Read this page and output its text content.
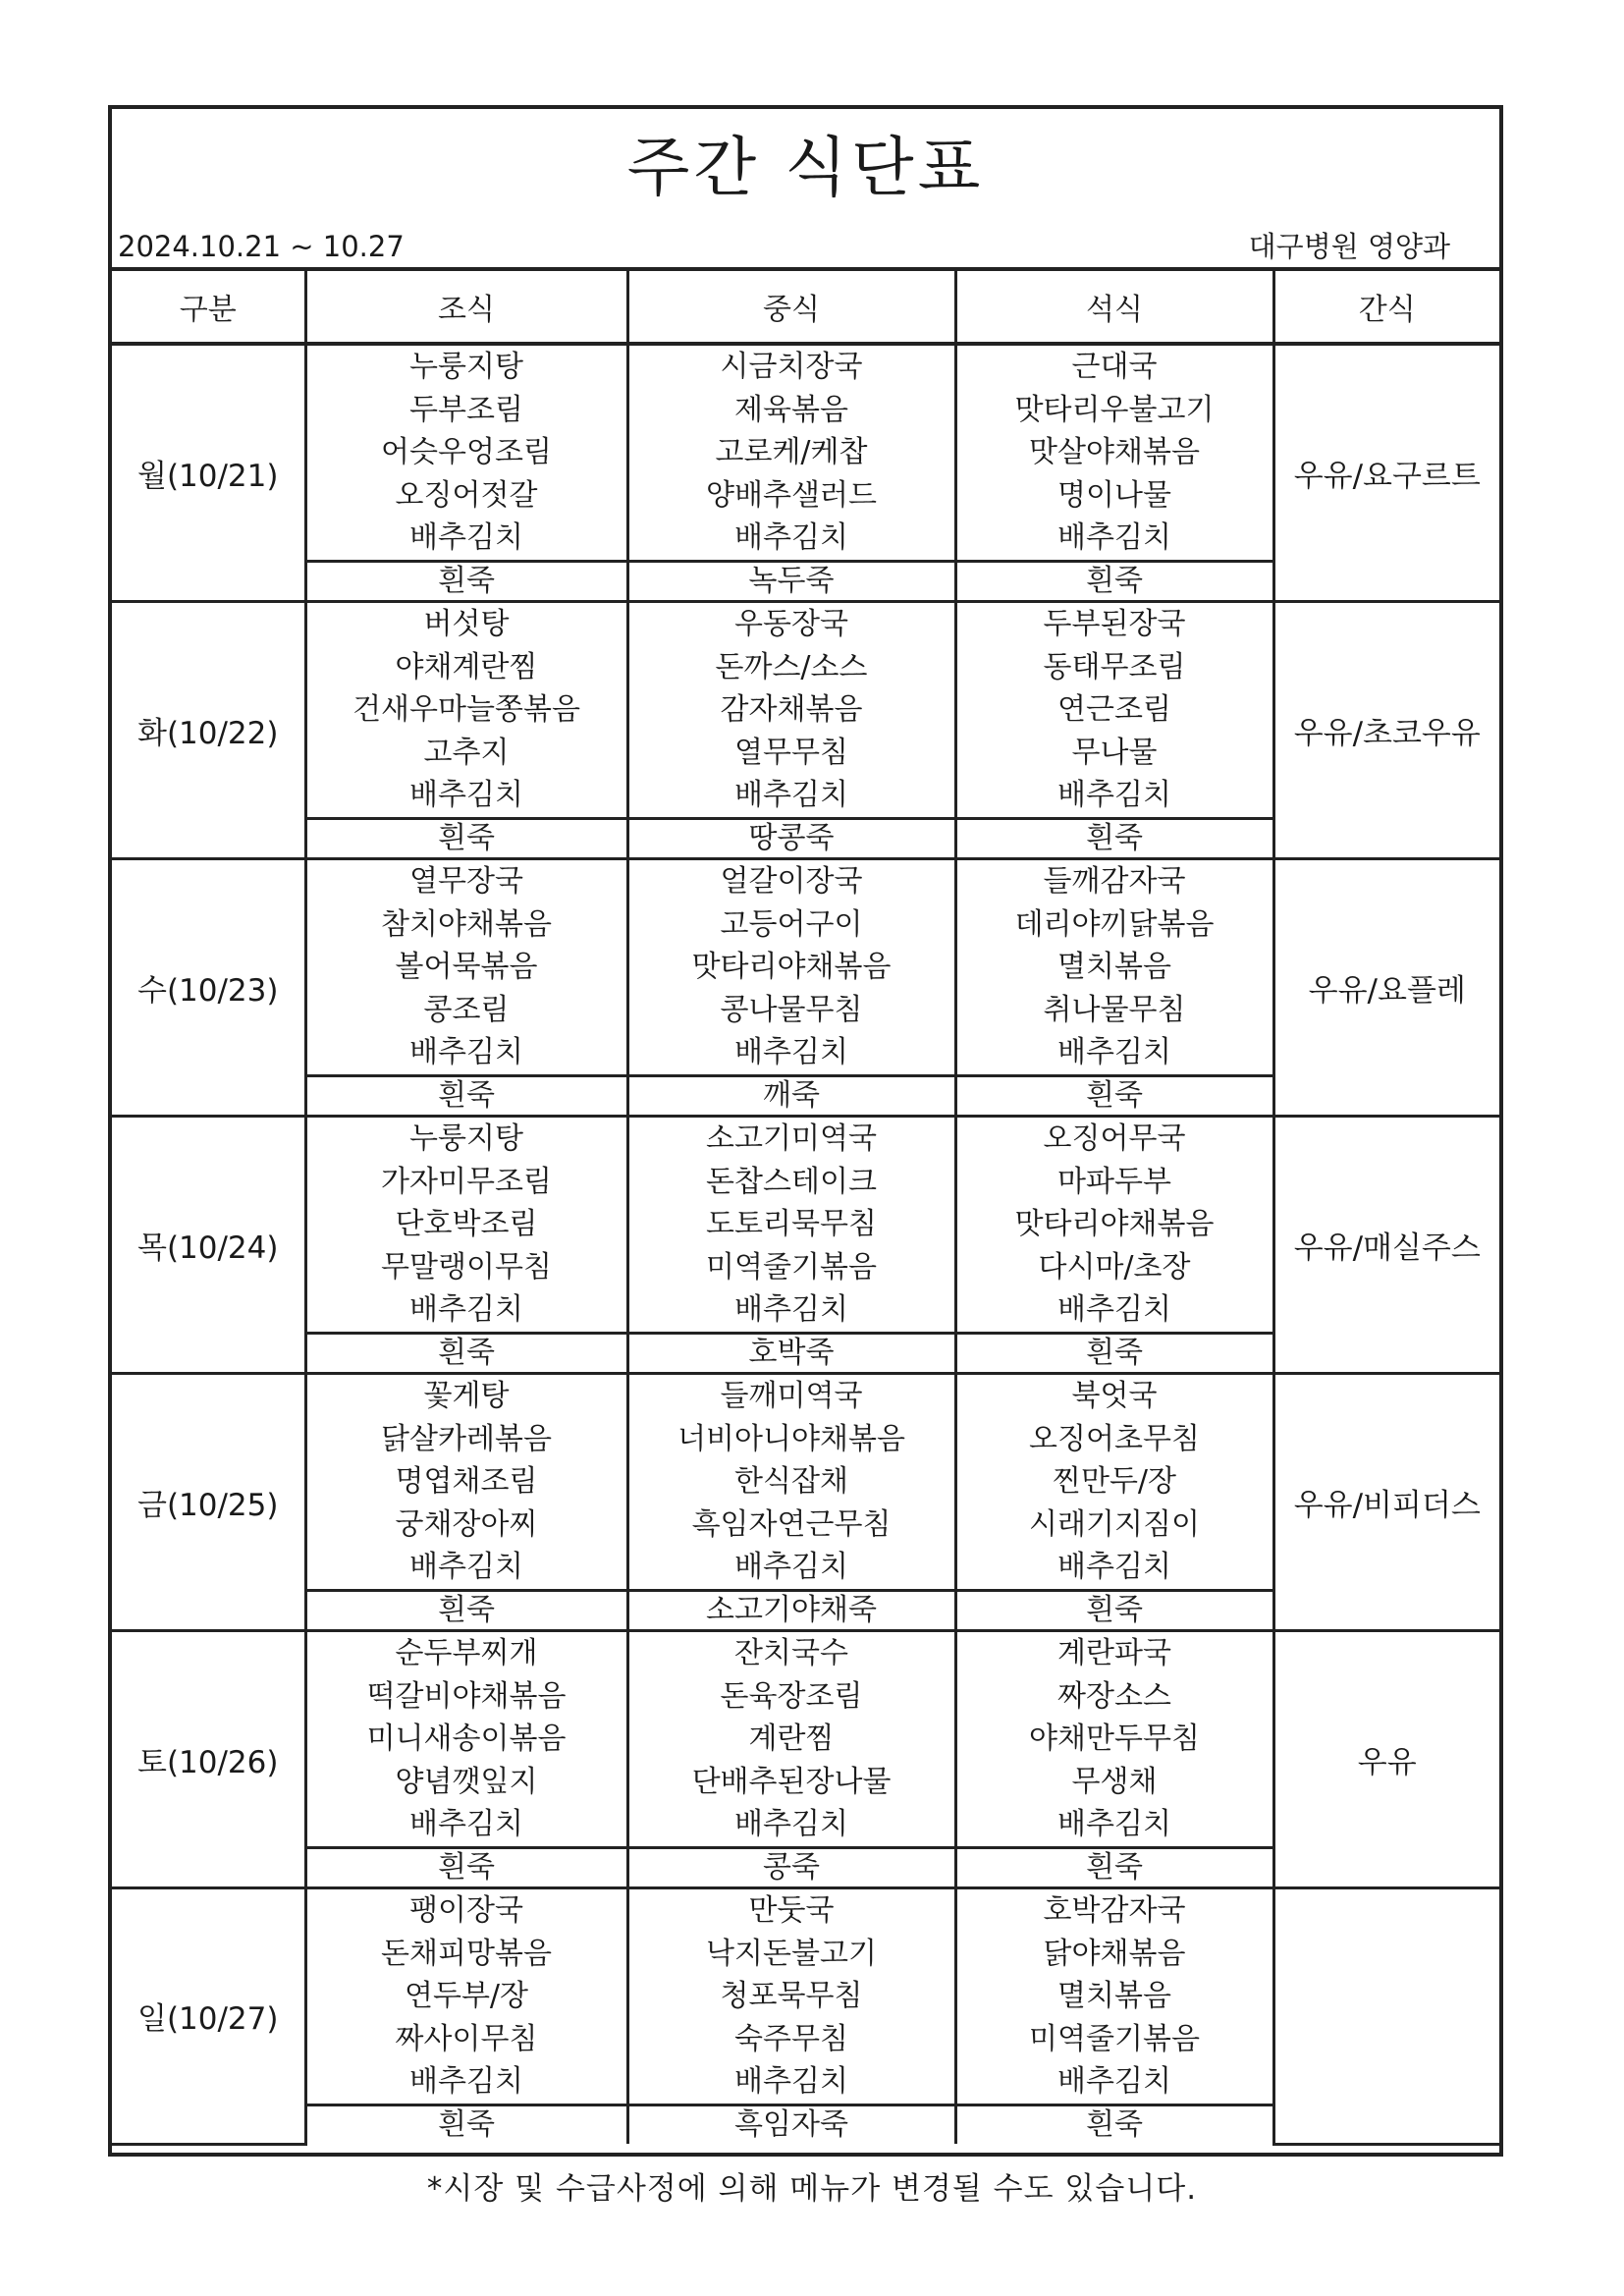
주간 식단표
2024.10.21 ~ 10.27	대구병원 영양과
구분	조식	중식	석식	간식
월(10/21)	누룽지탕
두부조림
어슷우엉조림
오징어젓갈
배추김치	시금치장국
제육볶음
고로케/케찹
양배추샐러드
배추김치	근대국
맛타리우불고기
맛살야채볶음
명이나물
배추김치	우유/요구르트
	흰죽	녹두죽	흰죽	
화(10/22)	버섯탕
야채계란찜
건새우마늘쫑볶음
고추지
배추김치	우동장국
돈까스/소스
감자채볶음
열무무침
배추김치	두부된장국
동태무조림
연근조림
무나물
배추김치	우유/초코우유
	흰죽	땅콩죽	흰죽	
수(10/23)	열무장국
참치야채볶음
볼어묵볶음
콩조림
배추김치	얼갈이장국
고등어구이
맛타리야채볶음
콩나물무침
배추김치	들깨감자국
데리야끼닭볶음
멸치볶음
취나물무침
배추김치	우유/요플레
	흰죽	깨죽	흰죽	
목(10/24)	누룽지탕
가자미무조림
단호박조림
무말랭이무침
배추김치	소고기미역국
돈찹스테이크
도토리묵무침
미역줄기볶음
배추김치	오징어무국
마파두부
맛타리야채볶음
다시마/초장
배추김치	우유/매실주스
	흰죽	호박죽	흰죽	
금(10/25)	꽃게탕
닭살카레볶음
명엽채조림
궁채장아찌
배추김치	들깨미역국
너비아니야채볶음
한식잡채
흑임자연근무침
배추김치	북엇국
오징어초무침
찐만두/장
시래기지짐이
배추김치	우유/비피더스
	흰죽	소고기야채죽	흰죽	
토(10/26)	순두부찌개
떡갈비야채볶음
미니새송이볶음
양념깻잎지
배추김치	잔치국수
돈육장조림
계란찜
단배추된장나물
배추김치	계란파국
짜장소스
야채만두무침
무생채
배추김치	우유
	흰죽	콩죽	흰죽	
일(10/27)	팽이장국
돈채피망볶음
연두부/장
짜사이무침
배추김치	만둣국
낙지돈불고기
청포묵무침
숙주무침
배추김치	호박감자국
닭야채볶음
멸치볶음
미역줄기볶음
배추김치	

	흰죽	흑임자죽	흰죽	
*시장 및 수급사정에 의해 메뉴가 변경될 수도 있습니다.
